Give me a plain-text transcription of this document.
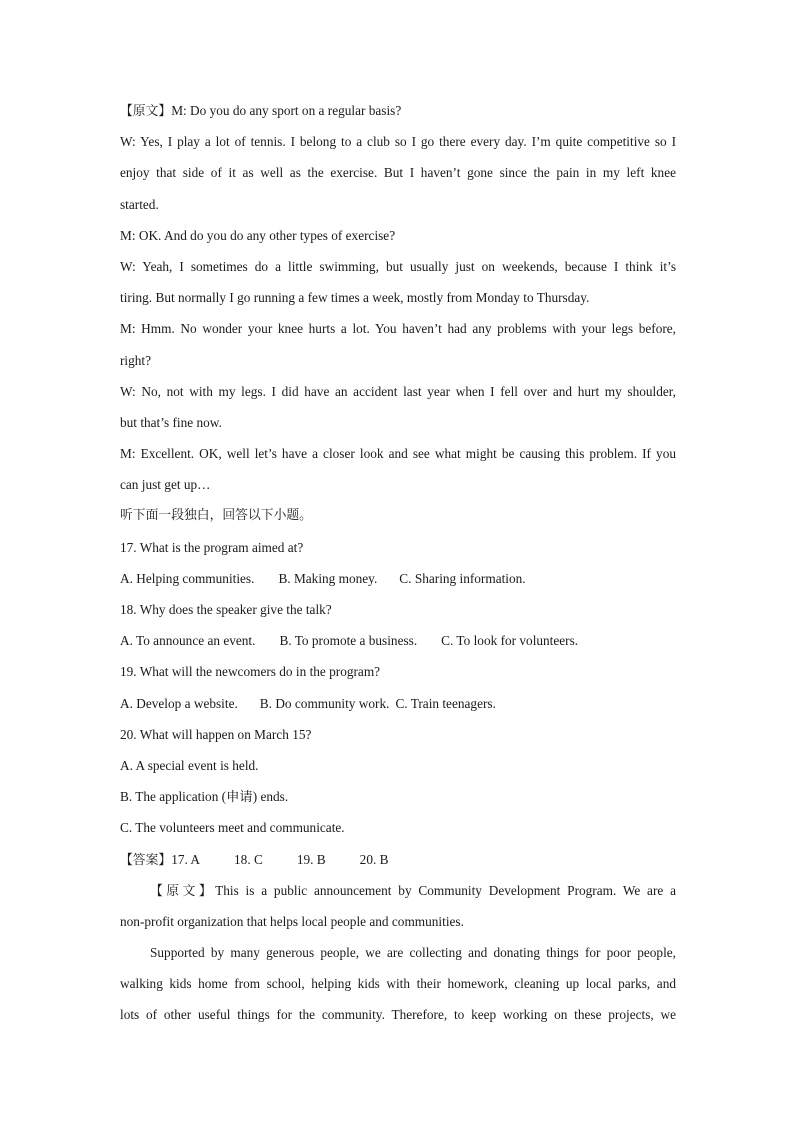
【原文】M: Do you do any sport on a regular basis?
W: Yes, I play a lot of tennis. I belong to a club so I go there every day. I’m quite competitive so I
enjoy that side of it as well as the exercise. But I haven’t gone since the pain in my left knee
started.
M: OK. And do you do any other types of exercise?
W: Yeah, I sometimes do a little swimming, but usually just on weekends, because I think it’s
tiring. But normally I go running a few times a week, mostly from Monday to Thursday.
M: Hmm. No wonder your knee hurts a lot. You haven’t had any problems with your legs before,
right?
W: No, not with my legs. I did have an accident last year when I fell over and hurt my shoulder,
but that’s fine now.
M: Excellent. OK, well let’s have a closer look and see what might be causing this problem. If you
can just get up…
听下面一段独白，回答以下小题。
17. What is the program aimed at?
A. Helping communities. B. Making money. C. Sharing information.
18. Why does the speaker give the talk?
A. To announce an event. B. To promote a business. C. To look for volunteers.
19. What will the newcomers do in the program?
A. Develop a website. B. Do community work. C. Train teenagers.
20. What will happen on March 15?
A. A special event is held.
B. The application (申请) ends.
C. The volunteers meet and communicate.
【答案】17. A	18. C	19. B	20. B
【原文】This is a public announcement by Community Development Program. We are a
non-profit organization that helps local people and communities.
Supported by many generous people, we are collecting and donating things for poor people,
walking kids home from school, helping kids with their homework, cleaning up local parks, and
lots of other useful things for the community. Therefore, to keep working on these projects, we
